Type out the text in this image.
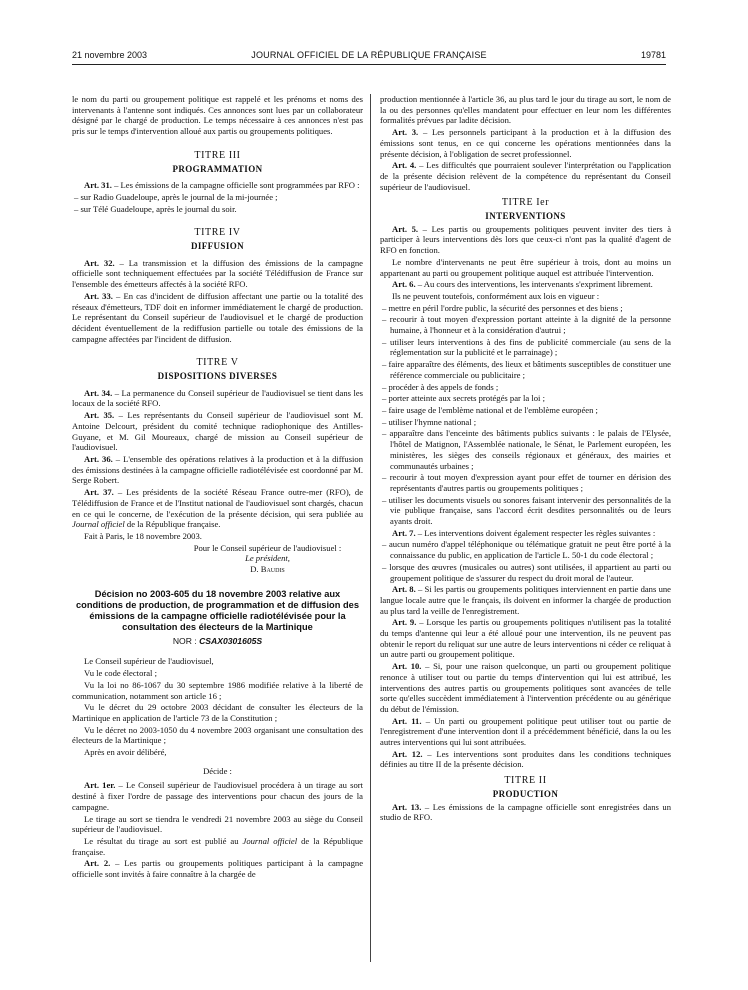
21 novembre 2003	JOURNAL OFFICIEL DE LA RÉPUBLIQUE FRANÇAISE	19781

le nom du parti ou groupement politique est rappelé et les prénoms et noms des intervenants à l'antenne sont indiqués. Ces annonces sont lues par un collaborateur désigné par le chargé de production. Le temps nécessaire à ces annonces n'est pas pris sur le temps d'intervention alloué aux partis ou groupements politiques.

TITRE III
PROGRAMMATION

Art. 31. – Les émissions de la campagne officielle sont programmées par RFO :

– sur Radio Guadeloupe, après le journal de la mi-journée ;

– sur Télé Guadeloupe, après le journal du soir.

TITRE IV
DIFFUSION

Art. 32. – La transmission et la diffusion des émissions de la campagne officielle sont techniquement effectuées par la société Télédiffusion de France sur l'ensemble des émetteurs affectés à la société RFO.

Art. 33. – En cas d'incident de diffusion affectant une partie ou la totalité des réseaux d'émetteurs, TDF doit en informer immédiatement le chargé de production. Le représentant du Conseil supérieur de l'audiovisuel et le chargé de production décident éventuellement de la rediffusion partielle ou totale des émissions de la campagne affectées par l'incident de diffusion.

TITRE V
DISPOSITIONS DIVERSES

Art. 34. – La permanence du Conseil supérieur de l'audiovisuel se tient dans les locaux de la société RFO.

Art. 35. – Les représentants du Conseil supérieur de l'audiovisuel sont M. Antoine Delcourt, président du comité technique radiophonique des Antilles-Guyane, et M. Gil Moureaux, chargé de mission au Conseil supérieur de l'audiovisuel.

Art. 36. – L'ensemble des opérations relatives à la production et à la diffusion des émissions destinées à la campagne officielle radiotélévisée est coordonné par M. Serge Robert.

Art. 37. – Les présidents de la société Réseau France outre-mer (RFO), de Télédiffusion de France et de l'Institut national de l'audiovisuel sont chargés, chacun en ce qui le concerne, de l'exécution de la présente décision, qui sera publiée au Journal officiel de la République française.

Fait à Paris, le 18 novembre 2003.

Pour le Conseil supérieur de l'audiovisuel :
Le président,
D. Baudis
Décision no 2003-605 du 18 novembre 2003 relative aux conditions de production, de programmation et de diffusion des émissions de la campagne officielle radiotélévisée pour la consultation des électeurs de la Martinique
NOR : CSAX0301605S

Le Conseil supérieur de l'audiovisuel,

Vu le code électoral ;

Vu la loi no 86-1067 du 30 septembre 1986 modifiée relative à la liberté de communication, notamment son article 16 ;

Vu le décret du 29 octobre 2003 décidant de consulter les électeurs de la Martinique en application de l'article 73 de la Constitution ;

Vu le décret no 2003-1050 du 4 novembre 2003 organisant une consultation des électeurs de la Martinique ;

Après en avoir délibéré,

Décide :

Art. 1er. – Le Conseil supérieur de l'audiovisuel procédera à un tirage au sort destiné à fixer l'ordre de passage des interventions pour chacun des jours de la campagne.

Le tirage au sort se tiendra le vendredi 21 novembre 2003 au siège du Conseil supérieur de l'audiovisuel.

Le résultat du tirage au sort est publié au Journal officiel de la République française.

Art. 2. – Les partis ou groupements politiques participant à la campagne officielle sont invités à faire connaître à la chargée de

production mentionnée à l'article 36, au plus tard le jour du tirage au sort, le nom de la ou des personnes qu'elles mandatent pour effectuer en leur nom les différentes formalités prévues par ladite décision.

Art. 3. – Les personnels participant à la production et à la diffusion des émissions sont tenus, en ce qui concerne les opérations mentionnées dans la présente décision, à l'obligation de secret professionnel.

Art. 4. – Les difficultés que pourraient soulever l'interprétation ou l'application de la présente décision relèvent de la compétence du représentant du Conseil supérieur de l'audiovisuel.

TITRE Ier
INTERVENTIONS

Art. 5. – Les partis ou groupements politiques peuvent inviter des tiers à participer à leurs interventions dès lors que ceux-ci n'ont pas la qualité d'agent de RFO en fonction.

Le nombre d'intervenants ne peut être supérieur à trois, dont au moins un appartenant au parti ou groupement politique auquel est attribuée l'intervention.

Art. 6. – Au cours des interventions, les intervenants s'expriment librement.

Ils ne peuvent toutefois, conformément aux lois en vigueur :

– mettre en péril l'ordre public, la sécurité des personnes et des biens ;

– recourir à tout moyen d'expression portant atteinte à la dignité de la personne humaine, à l'honneur et à la considération d'autrui ;

– utiliser leurs interventions à des fins de publicité commerciale (au sens de la réglementation sur la publicité et le parrainage) ;

– faire apparaître des éléments, des lieux et bâtiments susceptibles de constituer une référence commerciale ou publicitaire ;

– procéder à des appels de fonds ;

– porter atteinte aux secrets protégés par la loi ;

– faire usage de l'emblème national et de l'emblème européen ;

– utiliser l'hymne national ;

– apparaître dans l'enceinte des bâtiments publics suivants : le palais de l'Elysée, l'hôtel de Matignon, l'Assemblée nationale, le Sénat, le Parlement européen, les ministères, les sièges des conseils régionaux et généraux, des mairies et communautés urbaines ;

– recourir à tout moyen d'expression ayant pour effet de tourner en dérision des représentants d'autres partis ou groupements politiques ;

– utiliser les documents visuels ou sonores faisant intervenir des personnalités de la vie publique française, sans l'accord écrit desdites personnalités ou de leurs ayants droit.

Art. 7. – Les interventions doivent également respecter les règles suivantes :

– aucun numéro d'appel téléphonique ou télématique gratuit ne peut être porté à la connaissance du public, en application de l'article L. 50-1 du code électoral ;

– lorsque des œuvres (musicales ou autres) sont utilisées, il appartient au parti ou groupement politique de s'assurer du respect du droit moral de l'auteur.

Art. 8. – Si les partis ou groupements politiques interviennent en partie dans une langue locale autre que le français, ils doivent en informer la chargée de production au plus tard la veille de l'enregistrement.

Art. 9. – Lorsque les partis ou groupements politiques n'utilisent pas la totalité du temps d'antenne qui leur a été alloué pour une intervention, ils ne peuvent pas obtenir le report du reliquat sur une autre de leurs interventions ni céder ce reliquat à un autre parti ou groupement politique.

Art. 10. – Si, pour une raison quelconque, un parti ou groupement politique renonce à utiliser tout ou partie du temps d'intervention qui lui est attribué, les interventions des autres partis ou groupements politiques sont avancées de telle sorte qu'elles succèdent immédiatement à l'intervention précédente ou au générique du début de l'émission.

Art. 11. – Un parti ou groupement politique peut utiliser tout ou partie de l'enregistrement d'une intervention dont il a précédemment bénéficié, dans la ou les autres interventions qui lui sont attribuées.

Art. 12. – Les interventions sont produites dans les conditions techniques définies au titre II de la présente décision.

TITRE II
PRODUCTION

Art. 13. – Les émissions de la campagne officielle sont enregistrées dans un studio de RFO.
